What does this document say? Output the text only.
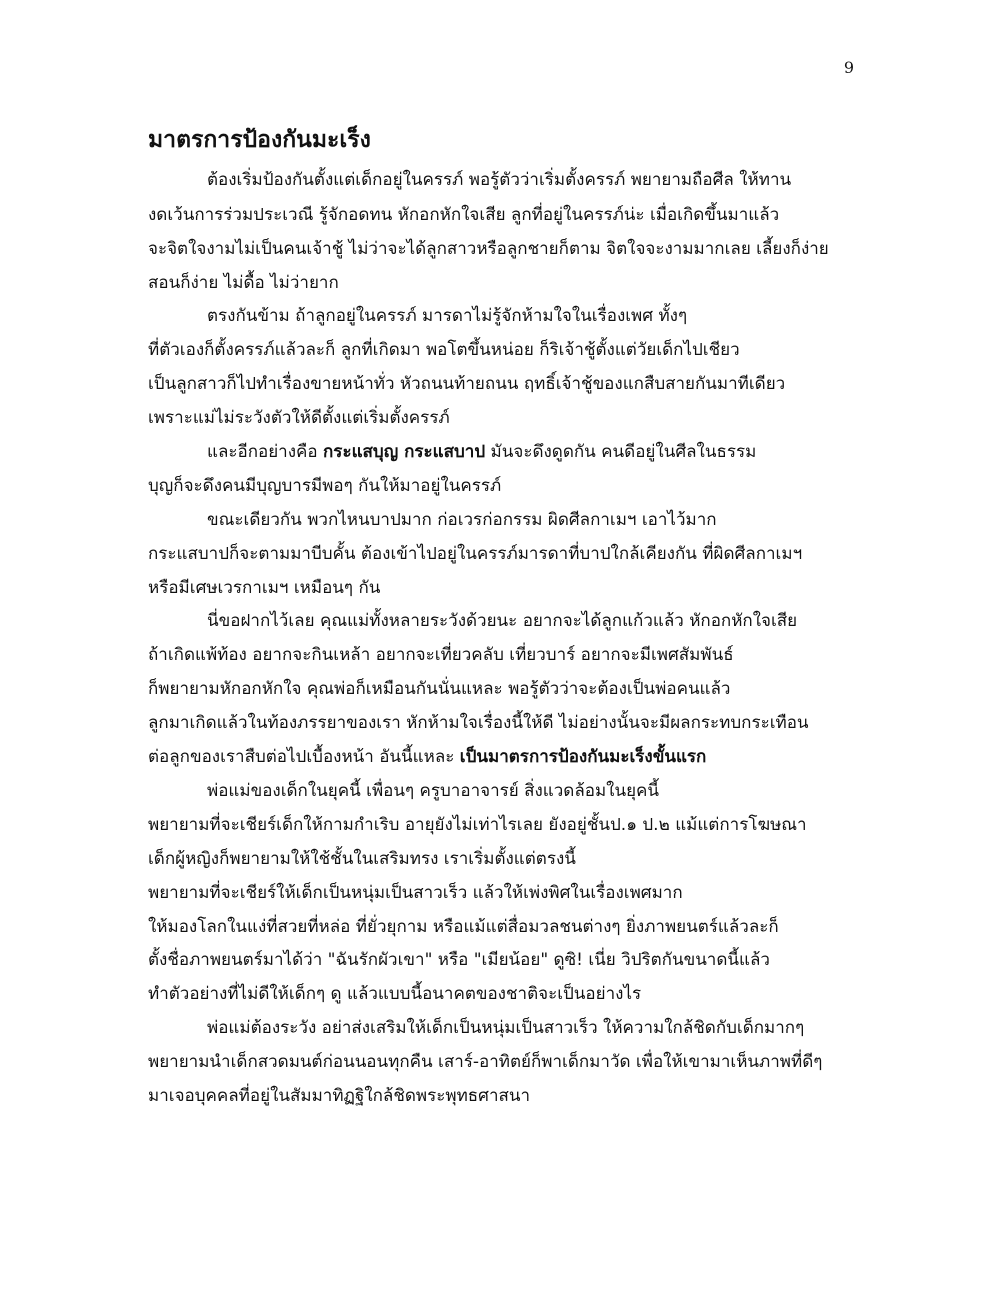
9
มาตรการป้องกันมะเร็ง
ต้องเริ่มป้องกันตั้งแต่เด็กอยู่ในครรภ์ พอรู้ตัวว่าเริ่มตั้งครรภ์ พยายามถือศีล ให้ทาน
งดเว้นการร่วมประเวณี รู้จักอดทน หักอกหักใจเสีย ลูกที่อยู่ในครรภ์น่ะ เมื่อเกิดขึ้นมาแล้ว
จะจิตใจงามไม่เป็นคนเจ้าชู้ ไม่ว่าจะได้ลูกสาวหรือลูกชายก็ตาม จิตใจจะงามมากเลย เลี้ยงก็ง่าย
สอนก็ง่าย ไม่ดื้อ ไม่ว่ายาก
ตรงกันข้าม ถ้าลูกอยู่ในครรภ์ มารดาไม่รู้จักห้ามใจในเรื่องเพศ ทั้งๆ
ที่ตัวเองก็ตั้งครรภ์แล้วละก็ ลูกที่เกิดมา พอโตขึ้นหน่อย ก็ริเจ้าชู้ตั้งแต่วัยเด็กไปเชียว
เป็นลูกสาวก็ไปทำเรื่องขายหน้าทั่ว หัวถนนท้ายถนน ฤทธิ์เจ้าชู้ของแกสืบสายกันมาทีเดียว
เพราะแม่ไม่ระวังตัวให้ดีตั้งแต่เริ่มตั้งครรภ์
และอีกอย่างคือ กระแสบุญ กระแสบาป มันจะดึงดูดกัน คนดีอยู่ในศีลในธรรม
บุญก็จะดึงคนมีบุญบารมีพอๆ กันให้มาอยู่ในครรภ์
ขณะเดียวกัน พวกไหนบาปมาก ก่อเวรก่อกรรม ผิดศีลกาเมฯ เอาไว้มาก
กระแสบาปก็จะตามมาบีบคั้น ต้องเข้าไปอยู่ในครรภ์มารดาที่บาปใกล้เคียงกัน ที่ผิดศีลกาเมฯ
หรือมีเศษเวรกาเมฯ เหมือนๆ กัน
นี่ขอฝากไว้เลย คุณแม่ทั้งหลายระวังด้วยนะ อยากจะได้ลูกแก้วแล้ว หักอกหักใจเสีย
ถ้าเกิดแพ้ท้อง อยากจะกินเหล้า อยากจะเที่ยวคลับ เที่ยวบาร์ อยากจะมีเพศสัมพันธ์
ก็พยายามหักอกหักใจ คุณพ่อก็เหมือนกันนั่นแหละ พอรู้ตัวว่าจะต้องเป็นพ่อคนแล้ว
ลูกมาเกิดแล้วในท้องภรรยาของเรา หักห้ามใจเรื่องนี้ให้ดี ไม่อย่างนั้นจะมีผลกระทบกระเทือน
ต่อลูกของเราสืบต่อไปเบื้องหน้า อันนี้แหละ เป็นมาตรการป้องกันมะเร็งขั้นแรก
พ่อแม่ของเด็กในยุคนี้ เพื่อนๆ ครูบาอาจารย์ สิ่งแวดล้อมในยุคนี้
พยายามที่จะเชียร์เด็กให้กามกำเริบ อายุยังไม่เท่าไรเลย ยังอยู่ชั้นป.๑ ป.๒ แม้แต่การโฆษณา
เด็กผู้หญิงก็พยายามให้ใช้ชั้นในเสริมทรง เราเริ่มตั้งแต่ตรงนี้
พยายามที่จะเชียร์ให้เด็กเป็นหนุ่มเป็นสาวเร็ว แล้วให้เพ่งพิศในเรื่องเพศมาก
ให้มองโลกในแง่ที่สวยที่หล่อ ที่ยั่วยุกาม หรือแม้แต่สื่อมวลชนต่างๆ ยิ่งภาพยนตร์แล้วละก็
ตั้งชื่อภาพยนตร์มาได้ว่า "ฉันรักผัวเขา" หรือ "เมียน้อย" ดูซิ! เนี่ย วิปริตกันขนาดนี้แล้ว
ทำตัวอย่างที่ไม่ดีให้เด็กๆ ดู แล้วแบบนี้อนาคตของชาติจะเป็นอย่างไร
พ่อแม่ต้องระวัง อย่าส่งเสริมให้เด็กเป็นหนุ่มเป็นสาวเร็ว ให้ความใกล้ชิดกับเด็กมากๆ
พยายามนำเด็กสวดมนต์ก่อนนอนทุกคืน เสาร์-อาทิตย์ก็พาเด็กมาวัด เพื่อให้เขามาเห็นภาพที่ดีๆ
มาเจอบุคคลที่อยู่ในสัมมาทิฏฐิใกล้ชิดพระพุทธศาสนา
